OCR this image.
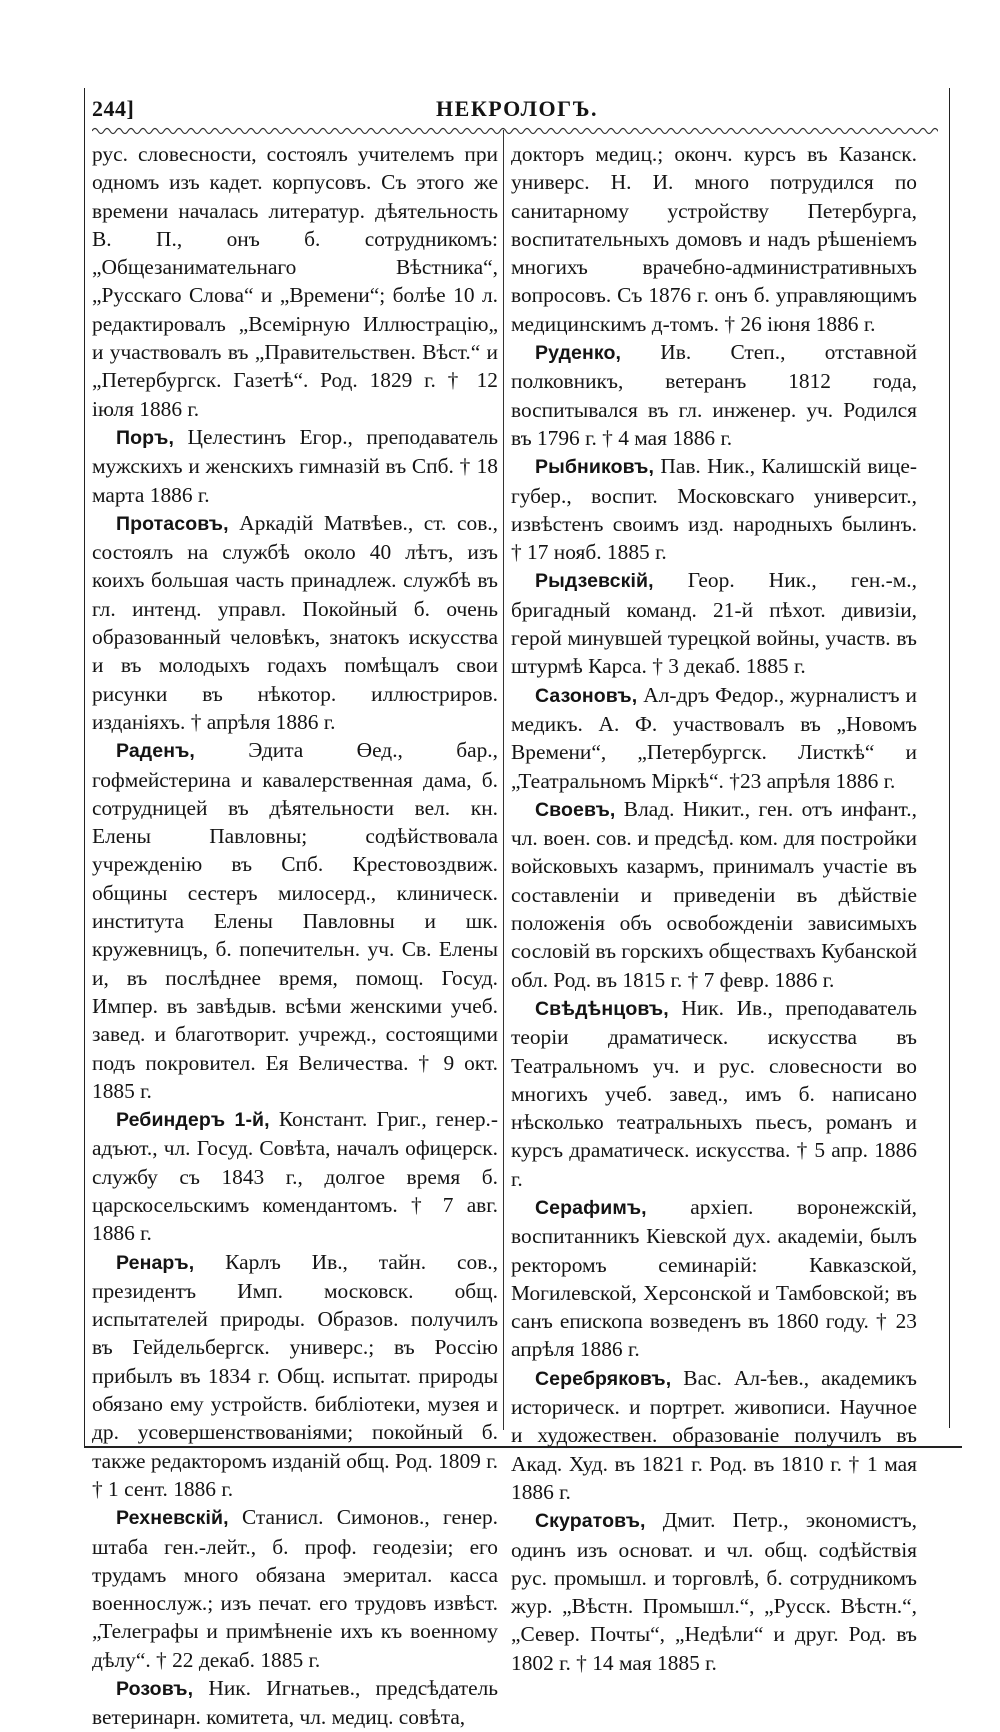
244]	НЕКРОЛОГЪ.

рус. словесности, состоялъ учителемъ при одномъ изъ кадет. корпусовъ. Съ этого же времени началась литератур. дѣятельность В. П., онъ б. сотрудникомъ: „Общезанимательнаго Вѣстника“, „Русскаго Слова“ и „Времени“; болѣе 10 л. редактировалъ „Всемірную Иллюстрацію„ и участвовалъ въ „Правительствен. Вѣст.“ и „Петербургск. Газетѣ“. Род. 1829 г. † 12 іюля 1886 г.

Поръ, Целестинъ Егор., преподаватель мужскихъ и женскихъ гимназій въ Спб. † 18 марта 1886 г.

Протасовъ, Аркадій Матвѣев., ст. сов., состоялъ на службѣ около 40 лѣтъ, изъ коихъ большая часть принадлеж. службѣ въ гл. интенд. управл. Покойный б. очень образованный человѣкъ, знатокъ искусства и въ молодыхъ годахъ помѣщалъ свои рисунки въ нѣкотор. иллюстриров. изданіяхъ. † апрѣля 1886 г.

Раденъ, Эдита Өед., бар., гофмейстерина и кавалерственная дама, б. сотрудницей въ дѣятельности вел. кн. Елены Павловны; содѣйствовала учрежденію въ Спб. Крестовоздвиж. общины сестеръ милосерд., клиническ. института Елены Павловны и шк. кружевницъ, б. попечительн. уч. Св. Елены и, въ послѣднее время, помощ. Госуд. Импер. въ завѣдыв. всѣми женскими учеб. завед. и благотворит. учрежд., состоящими подъ покровител. Ея Величества. † 9 окт. 1885 г.

Ребиндеръ 1-й, Констант. Григ., генер.-адъют., чл. Госуд. Совѣта, началъ офицерск. службу съ 1843 г., долгое время б. царскосельскимъ комендантомъ. † 7 авг. 1886 г.

Ренаръ, Карлъ Ив., тайн. сов., президентъ Имп. московск. общ. испытателей природы. Образов. получилъ въ Гейдельбергск. универс.; въ Россію прибылъ въ 1834 г. Общ. испытат. природы обязано ему устройств. библіотеки, музея и др. усовершенствованіями; покойный б. также редакторомъ изданій общ. Род. 1809 г. † 1 сент. 1886 г.

Рехневскій, Станисл. Симонов., генер. штаба ген.-лейт., б. проф. геодезіи; его трудамъ много обязана эмеритал. касса военнослуж.; изъ печат. его трудовъ извѣст. „Телеграфы и примѣненіе ихъ къ военному дѣлу“. † 22 декаб. 1885 г.

Розовъ, Ник. Игнатьев., предсѣдатель ветеринарн. комитета, чл. медиц. совѣта,

докторъ медиц.; оконч. курсъ въ Казанск. универс. Н. И. много потрудился по санитарному устройству Петербурга, воспитательныхъ домовъ и надъ рѣшеніемъ многихъ врачебно-административныхъ вопросовъ. Съ 1876 г. онъ б. управляющимъ медицинскимъ д-томъ. † 26 іюня 1886 г.

Руденко, Ив. Степ., отставной полковникъ, ветеранъ 1812 года, воспитывался въ гл. инженер. уч. Родился въ 1796 г. † 4 мая 1886 г.

Рыбниковъ, Пав. Ник., Калишскій вице-губер., воспит. Московскаго университ., извѣстенъ своимъ изд. народныхъ былинъ. † 17 нояб. 1885 г.

Рыдзевскій, Геор. Ник., ген.-м., бригадный команд. 21-й пѣхот. дивизіи, герой минувшей турецкой войны, участв. въ штурмѣ Карса. † 3 декаб. 1885 г.

Сазоновъ, Ал-дръ Федор., журналистъ и медикъ. А. Ф. участвовалъ въ „Новомъ Времени“, „Петербургск. Листкѣ“ и „Театральномъ Мiркѣ“. †23 апрѣля 1886 г.

Своевъ, Влад. Никит., ген. отъ инфант., чл. воен. сов. и предсѣд. ком. для постройки войсковыхъ казармъ, принималъ участіе въ составленіи и приведеніи въ дѣйствіе положенія объ освобожденіи зависимыхъ сословій въ горскихъ обществахъ Кубанской обл. Род. въ 1815 г. † 7 февр. 1886 г.

Свѣдѣнцовъ, Ник. Ив., преподаватель теоріи драматическ. искусства въ Театральномъ уч. и рус. словесности во многихъ учеб. завед., имъ б. написано нѣсколько театральныхъ пьесъ, романъ и курсъ драматическ. искусства. † 5 апр. 1886 г.

Серафимъ, архіеп. воронежскій, воспитанникъ Кіевской дух. академіи, былъ ректоромъ семинарій: Кавказской, Могилевской, Херсонской и Тамбовской; въ санъ епископа возведенъ въ 1860 году. † 23 апрѣля 1886 г.

Серебряковъ, Вас. Ал-ѣев., академикъ историческ. и портрет. живописи. Научное и художествен. образованіе получилъ въ Акад. Худ. въ 1821 г. Род. въ 1810 г. † 1 мая 1886 г.

Скуратовъ, Дмит. Петр., экономистъ, одинъ изъ основат. и чл. общ. содѣйствія рус. промышл. и торговлѣ, б. сотрудникомъ жур. „Вѣстн. Промышл.“, „Русск. Вѣстн.“, „Север. Почты“, „Недѣли“ и друг. Род. въ 1802 г. † 14 мая 1885 г.
